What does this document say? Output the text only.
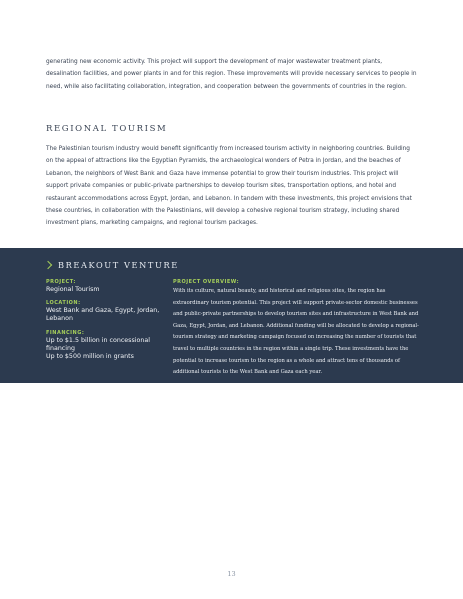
generating new economic activity. This project will support the development of major wastewater treatment plants, desalination facilities, and power plants in and for this region. These improvements will provide necessary services to people in need, while also facilitating collaboration, integration, and cooperation between the governments of countries in the region.
REGIONAL TOURISM
The Palestinian tourism industry would benefit significantly from increased tourism activity in neighboring countries. Building on the appeal of attractions like the Egyptian Pyramids, the archaeological wonders of Petra in Jordan, and the beaches of Lebanon, the neighbors of West Bank and Gaza have immense potential to grow their tourism industries. This project will support private companies or public-private partnerships to develop tourism sites, transportation options, and hotel and restaurant accommodations across Egypt, Jordan, and Lebanon. In tandem with these investments, this project envisions that these countries, in collaboration with the Palestinians, will develop a cohesive regional tourism strategy, including shared investment plans, marketing campaigns, and regional tourism packages.
BREAKOUT VENTURE
PROJECT:
Regional Tourism
LOCATION:
West Bank and Gaza, Egypt, Jordan, Lebanon
FINANCING:
Up to $1.5 billion in concessional financing
Up to $500 million in grants
PROJECT OVERVIEW:
With its culture, natural beauty, and historical and religious sites, the region has extraordinary tourism potential. This project will support private-sector domestic businesses and public-private partnerships to develop tourism sites and infrastructure in West Bank and Gaza, Egypt, Jordan, and Lebanon. Additional funding will be allocated to develop a regional-tourism strategy and marketing campaign focused on increasing the number of tourists that travel to multiple countries in the region within a single trip. These investments have the potential to increase tourism to the region as a whole and attract tens of thousands of additional tourists to the West Bank and Gaza each year.
13
